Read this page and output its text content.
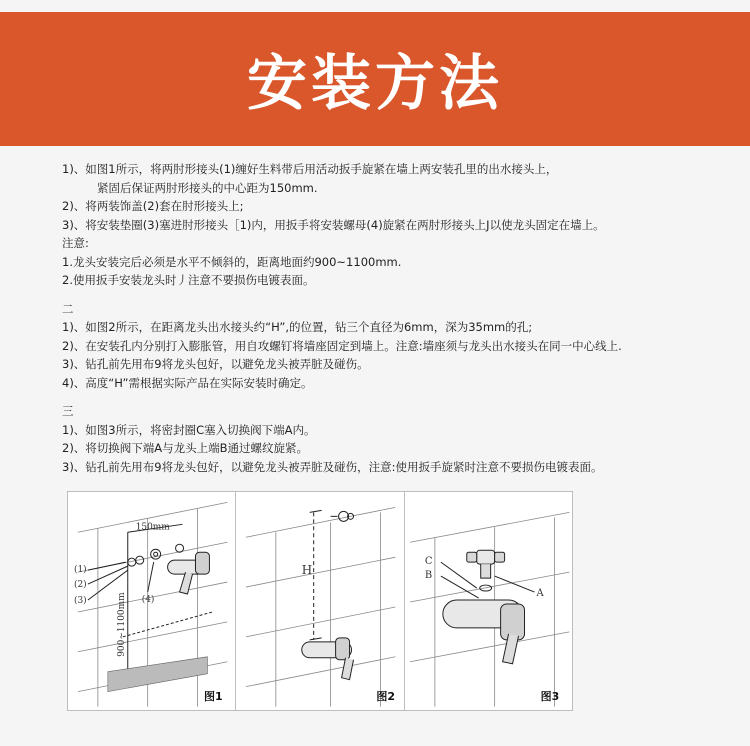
安装方法
1)、如图1所示，将两肘形接头(1)缠好生料带后用活动扳手旋紧在墙上两安装孔里的出水接头上，
紧固后保证两肘形接头的中心距为150mm.
2)、将两装饰盖(2)套在肘形接头上;
3)、将安装垫圈(3)塞进肘形接头［1)内，用扳手将安装螺母(4)旋紧在两肘形接头上J以使龙头固定在墙上。
注意:
1.龙头安装完后必须是水平不倾斜的，距离地面约900~1100mm.
2.使用扳手安装龙头时丿注意不要损伤电镀表面。
二
1)、如图2所示，在距离龙头出水接头约“H”,的位置，钻三个直径为6mm，深为35mm的孔;
2)、在安装孔内分别打入膨胀管，用自攻螺钉将墙座固定到墙上。注意:墙座须与龙头出水接头在同一中心线上.
3)、钻孔前先用布9将龙头包好，以避免龙头被弄脏及碰伤。
4)、高度“H”需根据实际产品在实际安装时确定。
三
1)、如图3所示，将密封圈C塞入切换阀下端A内。
2)、将切换阀下端A与龙头上端B通过螺纹旋紧。
3)、钻孔前先用布9将龙头包好，以避免龙头被弄脏及碰伤，注意:使用扳手旋紧时注意不要损伤电镀表面。
150mm
(1)
(2)
(3)	(4)
900~1100mm
图1
H
图2
C
B
A
图3
